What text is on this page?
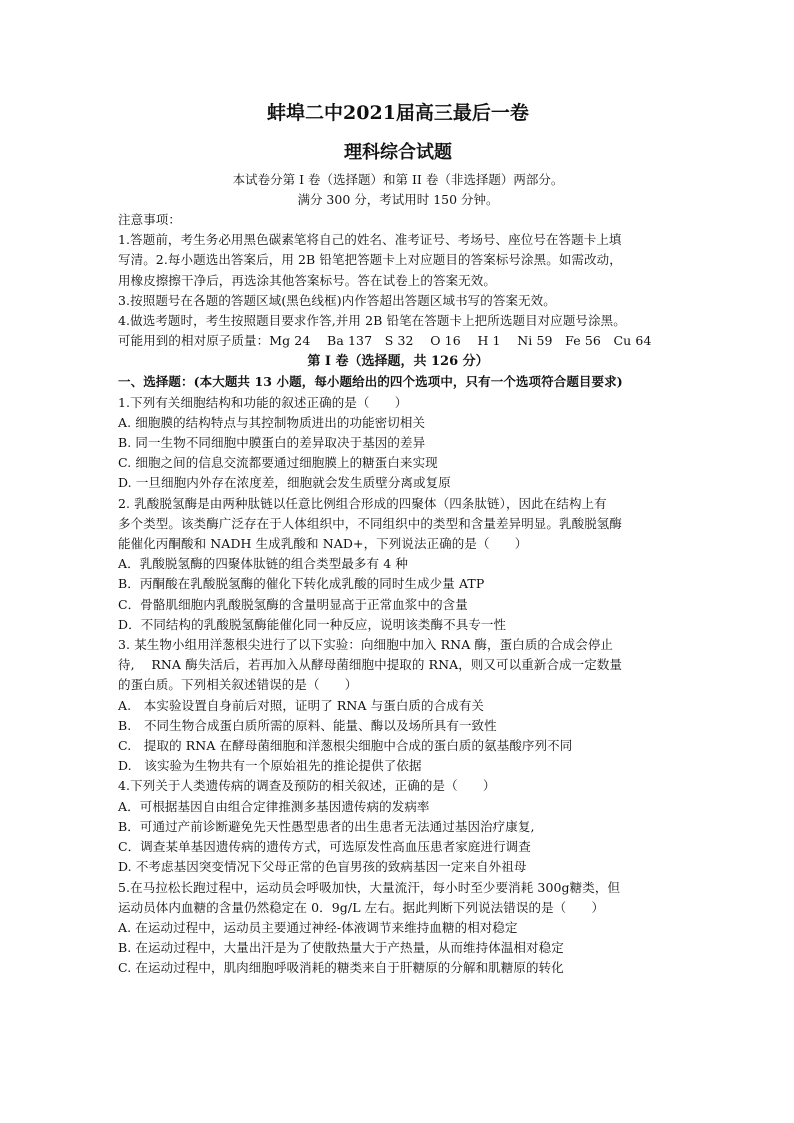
蚌埠二中2021届高三最后一卷
理科综合试题
本试卷分第 I 卷（选择题）和第 II 卷（非选择题）两部分。
满分 300 分，考试用时 150 分钟。

注意事项：

1.答题前，考生务必用黑色碳素笔将自己的姓名、准考证号、考场号、座位号在答题卡上填

写清。2.每小题选出答案后，用 2B 铅笔把答题卡上对应题目的答案标号涂黑。如需改动，

用橡皮擦擦干净后，再选涂其他答案标号。答在试卷上的答案无效。

3.按照题号在各题的答题区域(黑色线框)内作答超出答题区域书写的答案无效。

4.做选考题时，考生按照题目要求作答,并用 2B 铅笔在答题卡上把所选题目对应题号涂黑。

可能用到的相对原子质量：Mg 24　 Ba 137　S 32　 O 16　 H 1　 Ni 59　Fe 56　Cu 64

第 I 卷（选择题，共 126 分）

一、选择题：(本大题共 13 小题，每小题给出的四个选项中，只有一个选项符合题目要求)

1.下列有关细胞结构和功能的叙述正确的是（　　）

A. 细胞膜的结构特点与其控制物质进出的功能密切相关

B. 同一生物不同细胞中膜蛋白的差异取决于基因的差异

C. 细胞之间的信息交流都要通过细胞膜上的糖蛋白来实现

D. 一旦细胞内外存在浓度差，细胞就会发生质壁分离或复原

2. 乳酸脱氢酶是由两种肽链以任意比例组合形成的四聚体（四条肽链），因此在结构上有

多个类型。该类酶广泛存在于人体组织中，不同组织中的类型和含量差异明显。乳酸脱氢酶

能催化丙酮酸和 NADH 生成乳酸和 NAD+，下列说法正确的是（　　）

A．乳酸脱氢酶的四聚体肽链的组合类型最多有 4 种

B．丙酮酸在乳酸脱氢酶的催化下转化成乳酸的同时生成少量 ATP

C．骨骼肌细胞内乳酸脱氢酶的含量明显高于正常血浆中的含量

D．不同结构的乳酸脱氢酶能催化同一种反应，说明该类酶不具专一性

3. 某生物小组用洋葱根尖进行了以下实验：向细胞中加入 RNA 酶，蛋白质的合成会停止

待,　 RNA 酶失活后，若再加入从酵母菌细胞中提取的 RNA，则又可以重新合成一定数量

的蛋白质。下列相关叙述错误的是（　　）

A.　本实验设置自身前后对照，证明了 RNA 与蛋白质的合成有关

B.　不同生物合成蛋白质所需的原料、能量、酶以及场所具有一致性

C.　提取的 RNA 在酵母菌细胞和洋葱根尖细胞中合成的蛋白质的氨基酸序列不同

D.　该实验为生物共有一个原始祖先的推论提供了依据

4.下列关于人类遗传病的调查及预防的相关叙述，正确的是（　　）

A．可根据基因自由组合定律推测多基因遗传病的发病率

B．可通过产前诊断避免先天性愚型患者的出生患者无法通过基因治疗康复,

C．调查某单基因遗传病的遗传方式，可选原发性高血压患者家庭进行调查

D. 不考虑基因突变情况下父母正常的色盲男孩的致病基因一定来自外祖母

5.在马拉松长跑过程中，运动员会呼吸加快，大量流汗，每小时至少要消耗 300g糖类，但

运动员体内血糖的含量仍然稳定在 0．9g/L 左右。据此判断下列说法错误的是（　　）

A. 在运动过程中，运动员主要通过神经-体液调节来维持血糖的相对稳定

B. 在运动过程中，大量出汗是为了使散热量大于产热量，从而维持体温相对稳定

C. 在运动过程中，肌肉细胞呼吸消耗的糖类来自于肝糖原的分解和肌糖原的转化
